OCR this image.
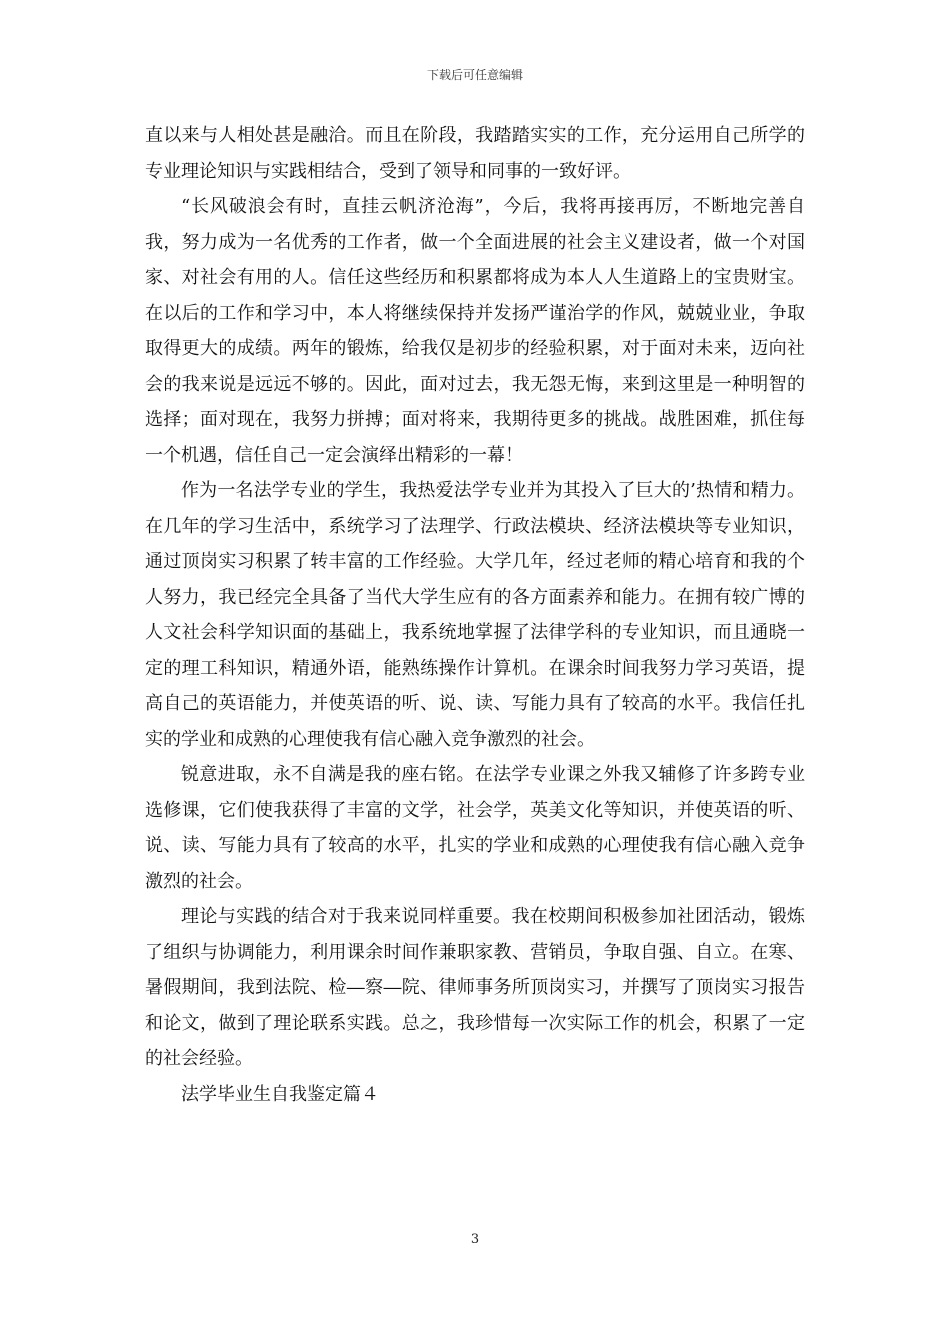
下载后可任意编辑

直以来与人相处甚是融洽。而且在阶段，我踏踏实实的工作，充分运用自己所学的专业理论知识与实践相结合，受到了领导和同事的一致好评。

“长风破浪会有时，直挂云帆济沧海”，今后，我将再接再厉，不断地完善自我，努力成为一名优秀的工作者，做一个全面进展的社会主义建设者，做一个对国家、对社会有用的人。信任这些经历和积累都将成为本人人生道路上的宝贵财宝。在以后的工作和学习中，本人将继续保持并发扬严谨治学的作风，兢兢业业，争取取得更大的成绩。两年的锻炼，给我仅是初步的经验积累，对于面对未来，迈向社会的我来说是远远不够的。因此，面对过去，我无怨无悔，来到这里是一种明智的选择；面对现在，我努力拼搏；面对将来，我期待更多的挑战。战胜困难，抓住每一个机遇，信任自己一定会演绎出精彩的一幕！

作为一名法学专业的学生，我热爱法学专业并为其投入了巨大的’热情和精力。在几年的学习生活中，系统学习了法理学、行政法模块、经济法模块等专业知识，通过顶岗实习积累了转丰富的工作经验。大学几年，经过老师的精心培育和我的个人努力，我已经完全具备了当代大学生应有的各方面素养和能力。在拥有较广博的人文社会科学知识面的基础上，我系统地掌握了法律学科的专业知识，而且通晓一定的理工科知识，精通外语，能熟练操作计算机。在课余时间我努力学习英语，提高自己的英语能力，并使英语的听、说、读、写能力具有了较高的水平。我信任扎实的学业和成熟的心理使我有信心融入竞争激烈的社会。

锐意进取，永不自满是我的座右铭。在法学专业课之外我又辅修了许多跨专业选修课，它们使我获得了丰富的文学，社会学，英美文化等知识，并使英语的听、说、读、写能力具有了较高的水平，扎实的学业和成熟的心理使我有信心融入竞争激烈的社会。

理论与实践的结合对于我来说同样重要。我在校期间积极参加社团活动，锻炼了组织与协调能力，利用课余时间作兼职家教、营销员，争取自强、自立。在寒、暑假期间，我到法院、检―察―院、律师事务所顶岗实习，并撰写了顶岗实习报告和论文，做到了理论联系实践。总之，我珍惜每一次实际工作的机会，积累了一定的社会经验。

法学毕业生自我鉴定篇４

3
